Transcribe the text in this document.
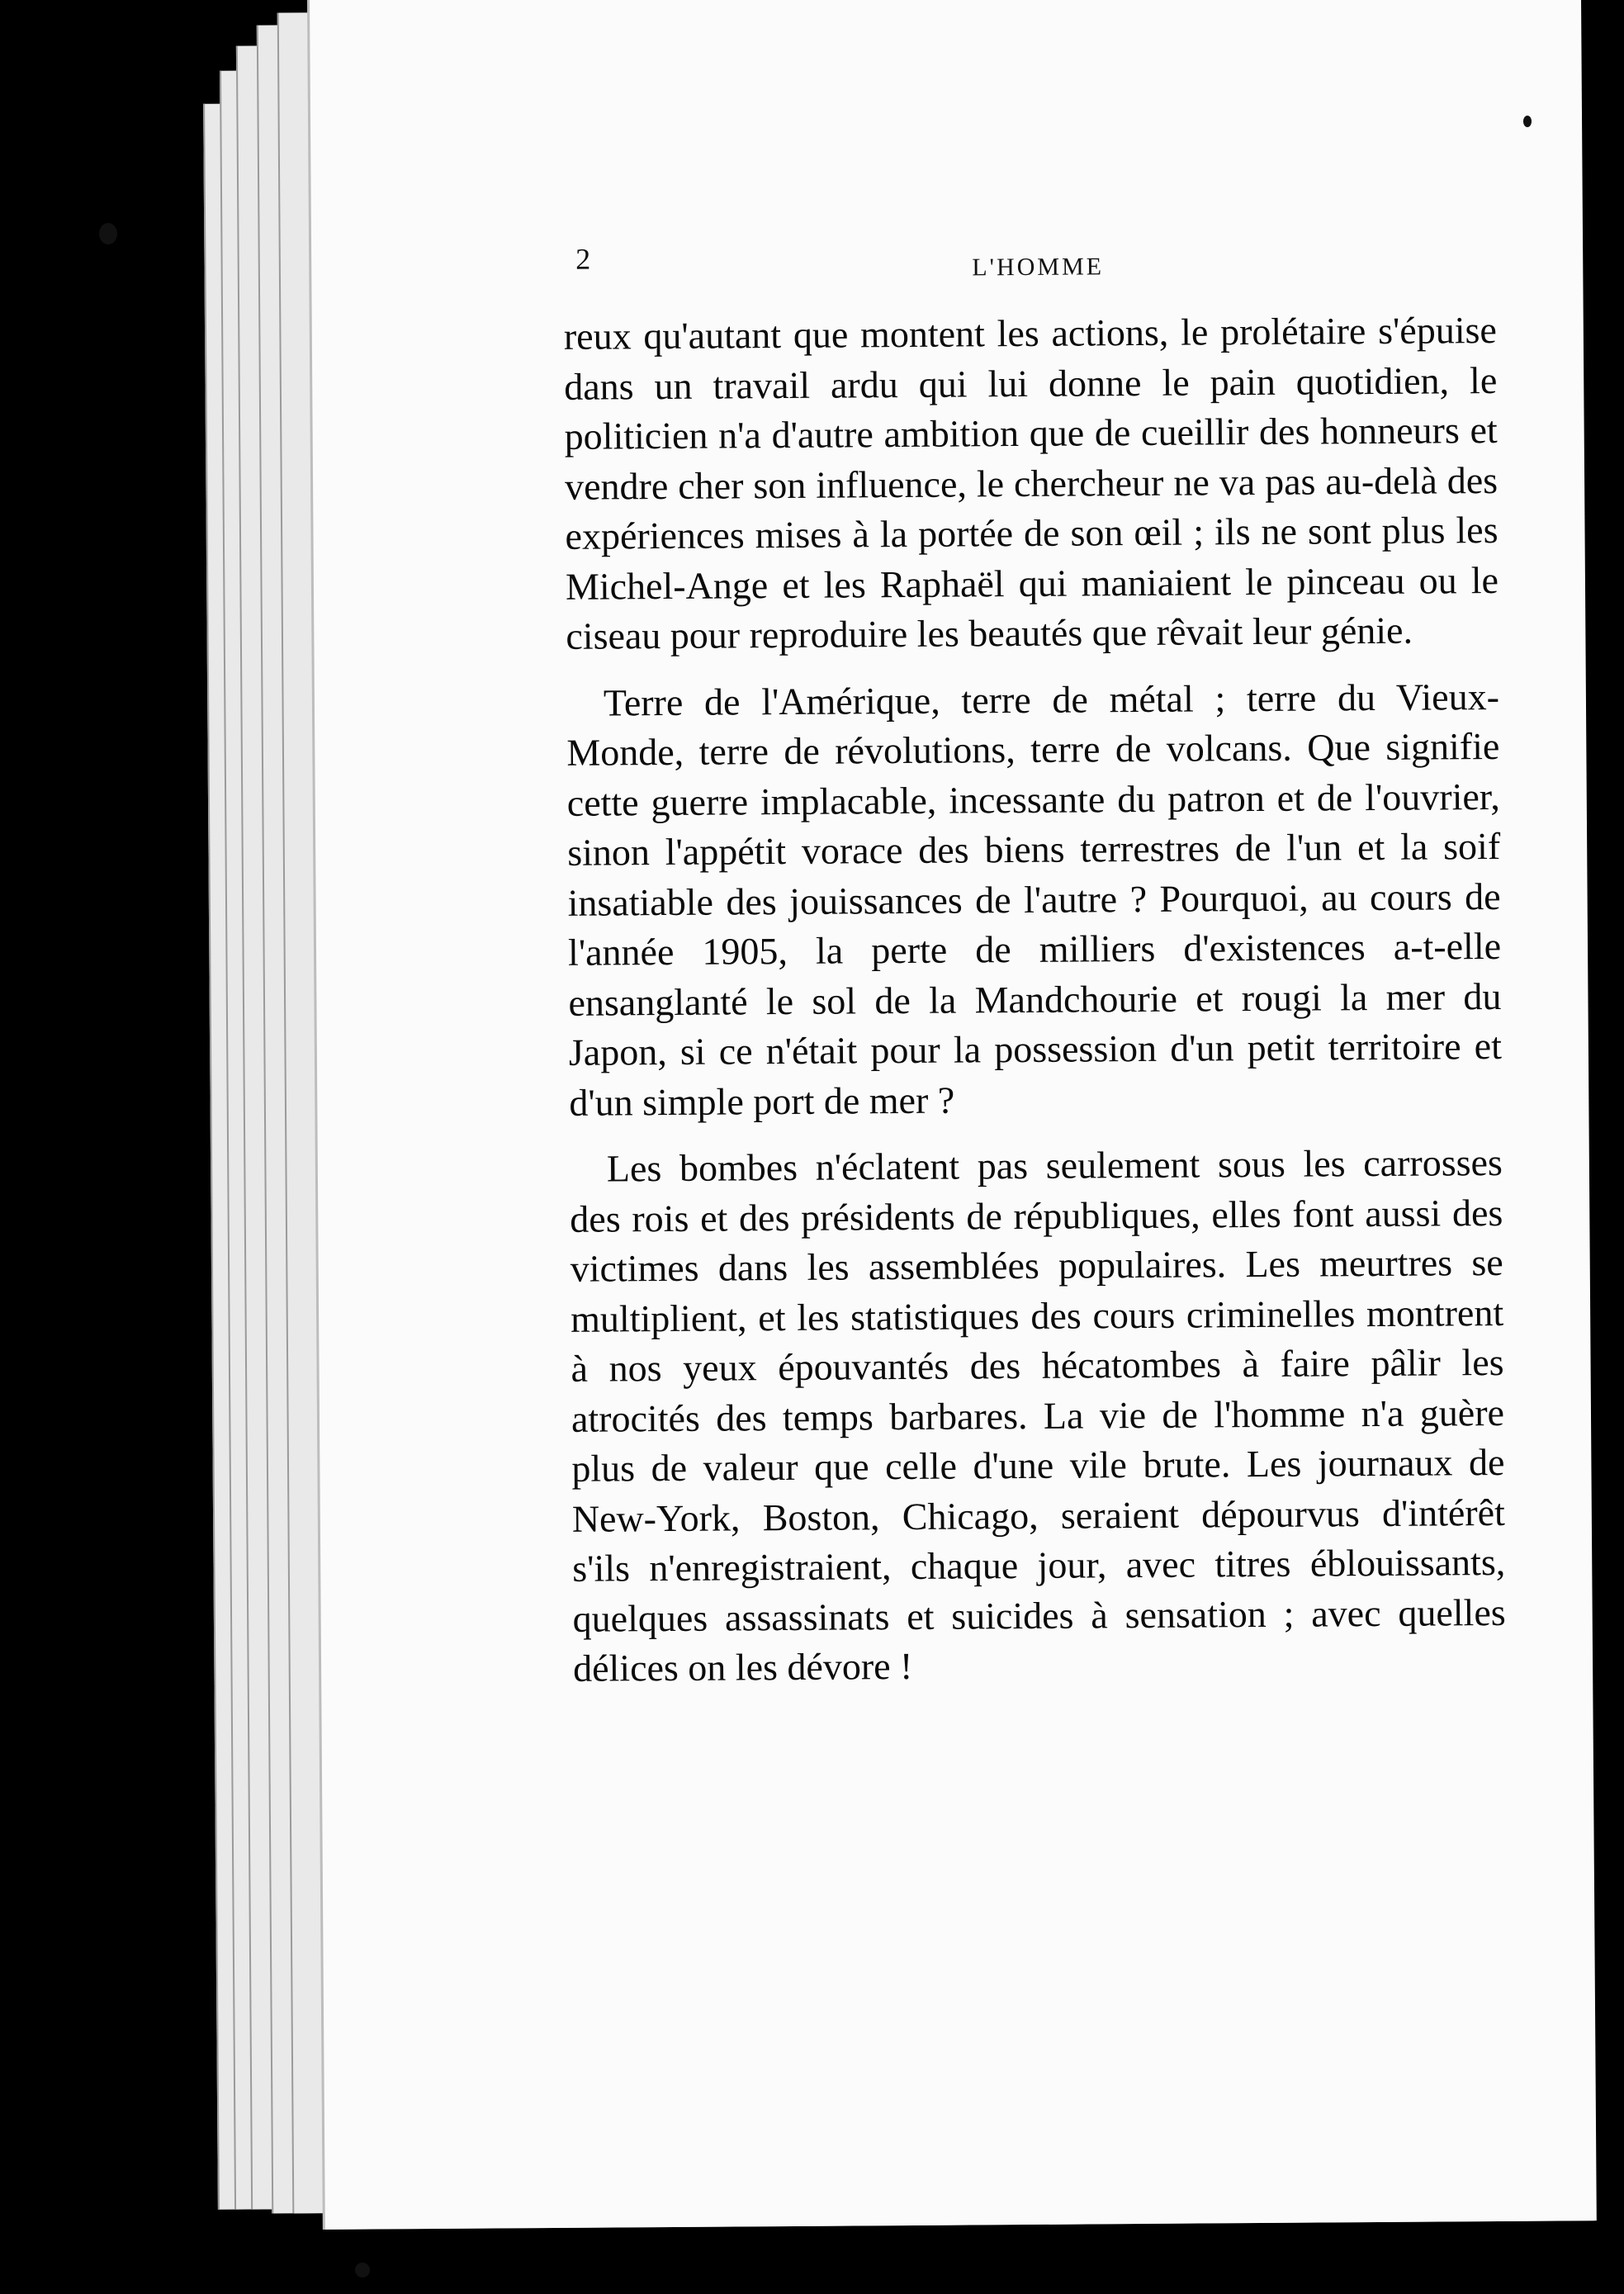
2	L'HOMME

reux qu'autant que montent les actions, le prolétaire s'épuise dans un travail ardu qui lui donne le pain quotidien, le politicien n'a d'autre ambition que de cueillir des honneurs et vendre cher son influence, le chercheur ne va pas au-delà des expériences mises à la portée de son œil ; ils ne sont plus les Michel-Ange et les Raphaël qui maniaient le pinceau ou le ciseau pour reproduire les beautés que rêvait leur génie.

Terre de l'Amérique, terre de métal ; terre du Vieux-Monde, terre de révolutions, terre de volcans. Que signifie cette guerre implacable, incessante du patron et de l'ouvrier, sinon l'appétit vorace des biens terrestres de l'un et la soif insatiable des jouissances de l'autre ? Pourquoi, au cours de l'année 1905, la perte de milliers d'existences a-t-elle ensanglanté le sol de la Mandchourie et rougi la mer du Japon, si ce n'était pour la possession d'un petit territoire et d'un simple port de mer ?

Les bombes n'éclatent pas seulement sous les carrosses des rois et des présidents de républiques, elles font aussi des victimes dans les assemblées populaires. Les meurtres se multiplient, et les statistiques des cours criminelles montrent à nos yeux épouvantés des hécatombes à faire pâlir les atrocités des temps barbares. La vie de l'homme n'a guère plus de valeur que celle d'une vile brute. Les journaux de New-York, Boston, Chicago, seraient dépourvus d'intérêt s'ils n'enregistraient, chaque jour, avec titres éblouissants, quelques assassinats et suicides à sensation ; avec quelles délices on les dévore !
